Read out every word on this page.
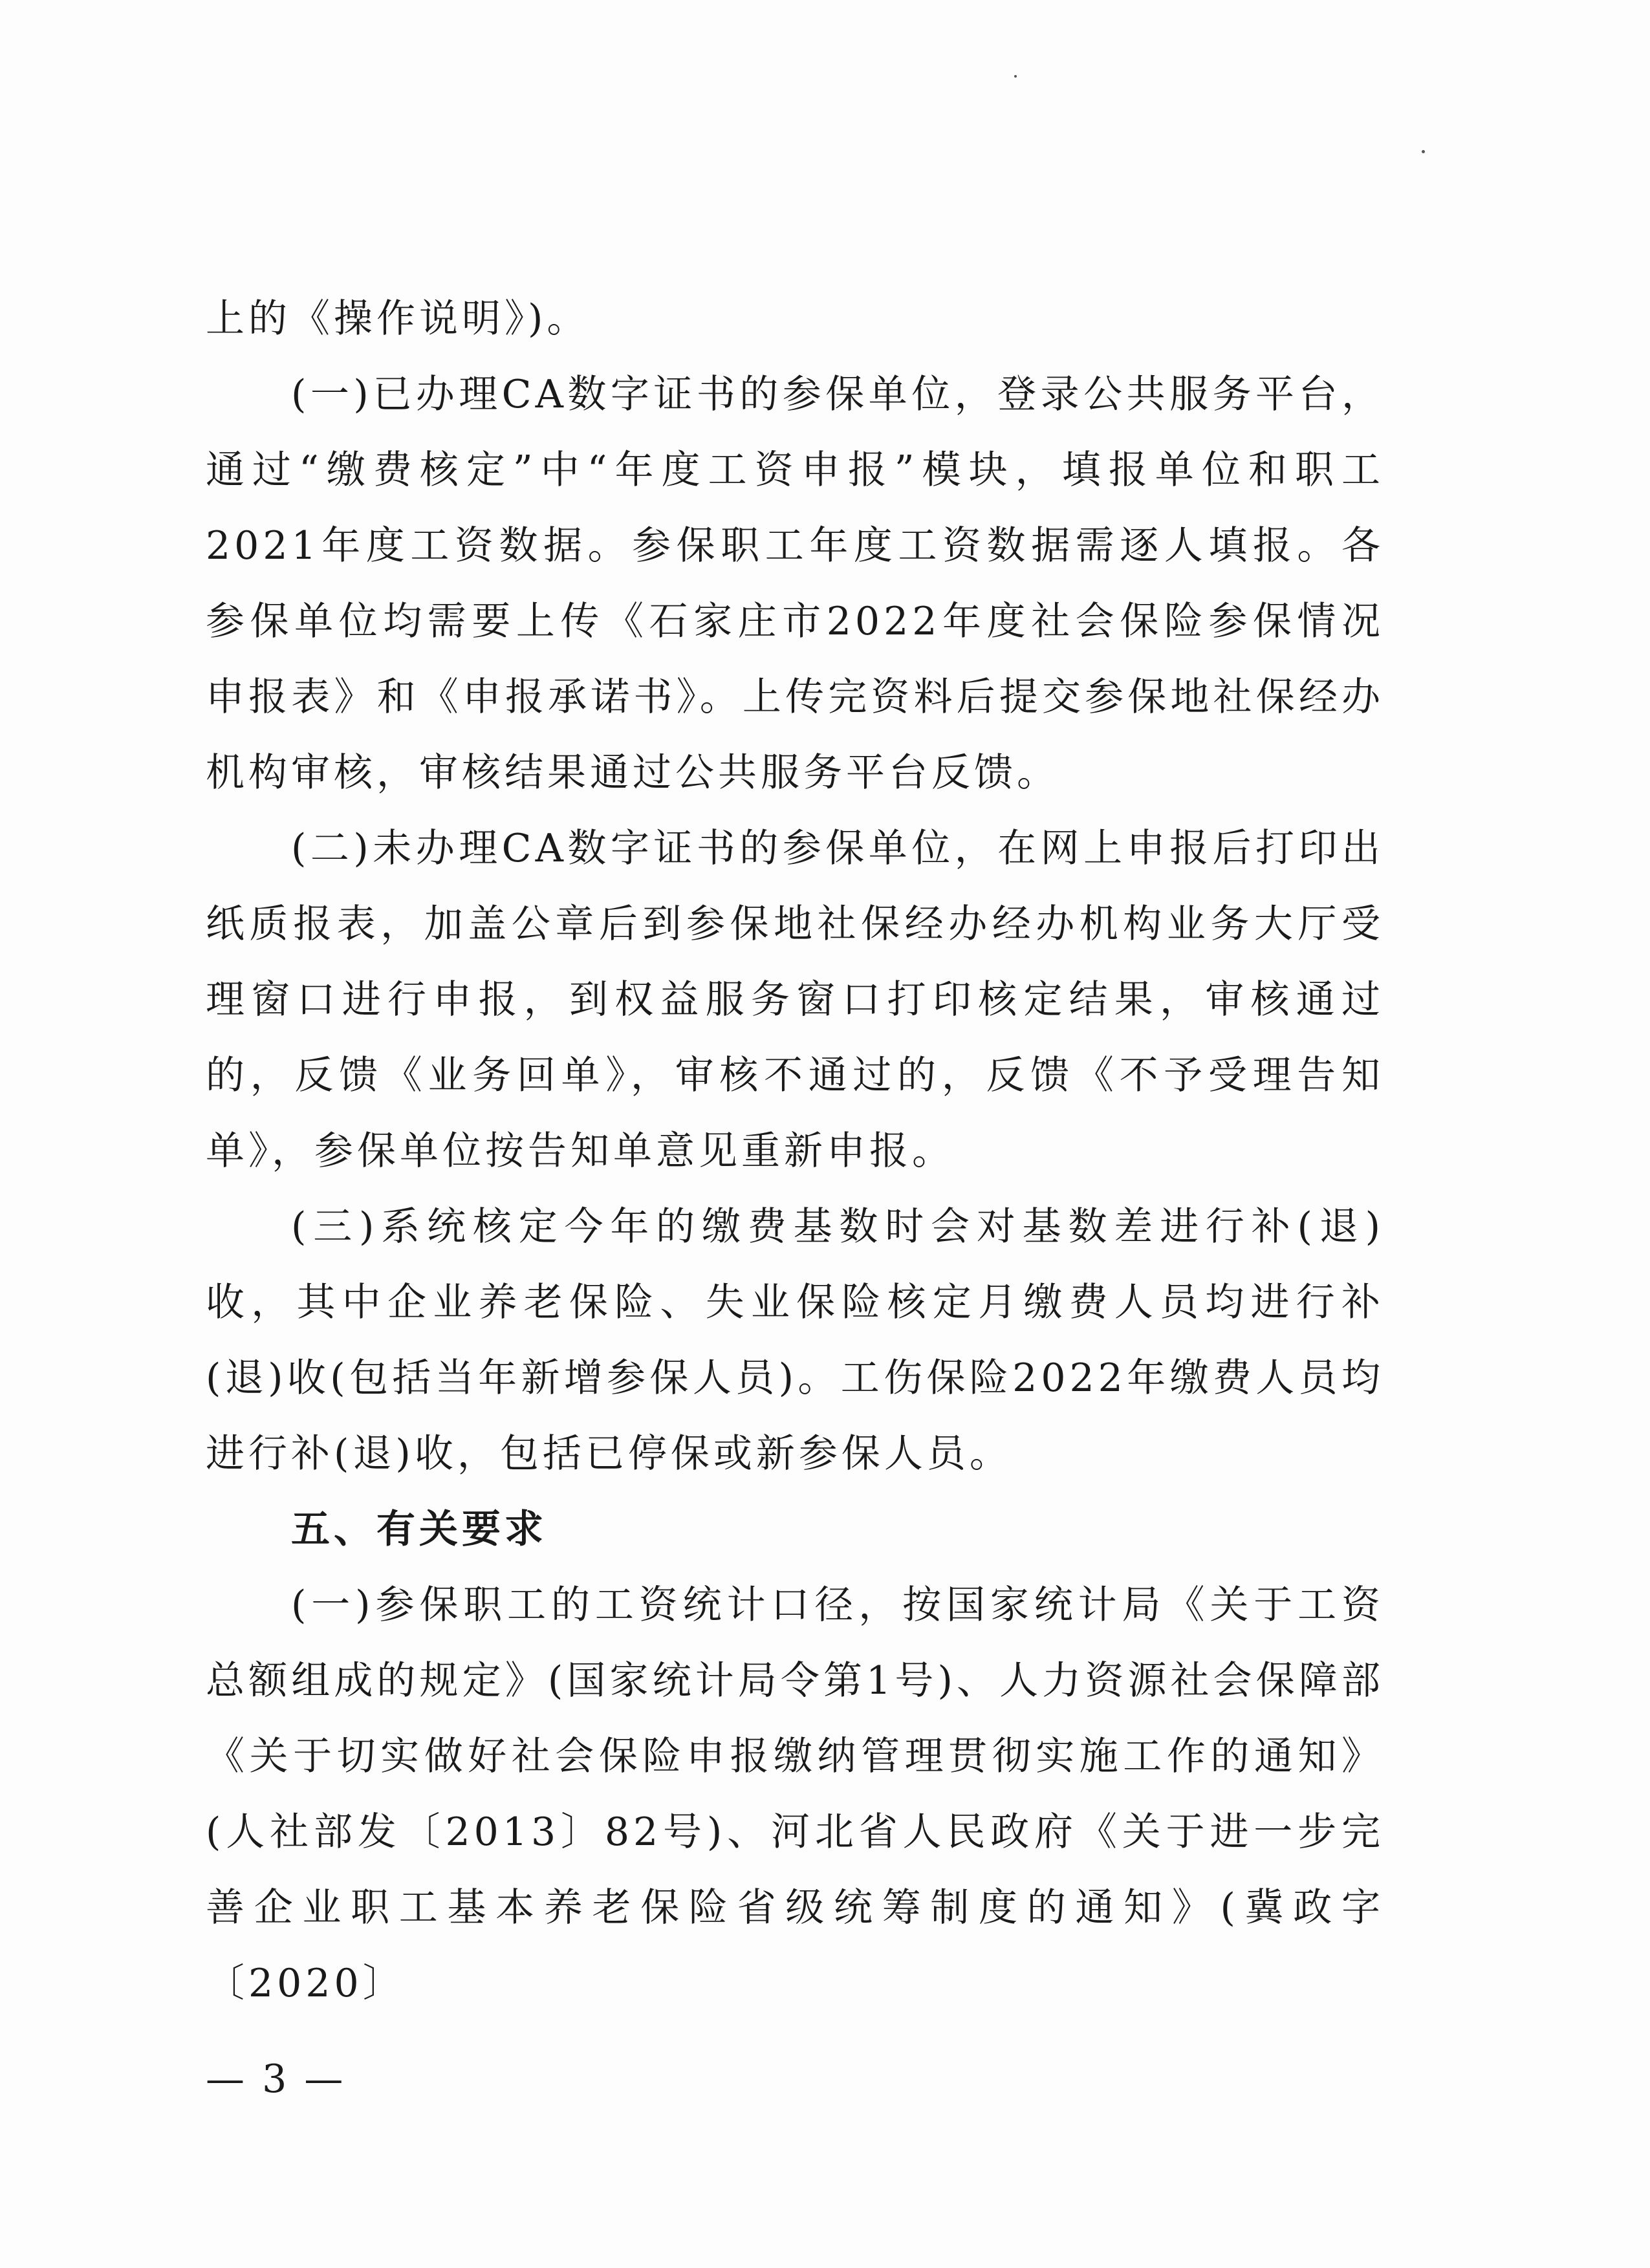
上的《操作说明》)。

(一)已办理CA数字证书的参保单位，登录公共服务平台，通过“缴费核定”中“年度工资申报”模块，填报单位和职工2021年度工资数据。参保职工年度工资数据需逐人填报。各参保单位均需要上传《石家庄市2022年度社会保险参保情况申报表》和《申报承诺书》。上传完资料后提交参保地社保经办机构审核，审核结果通过公共服务平台反馈。

(二)未办理CA数字证书的参保单位，在网上申报后打印出纸质报表，加盖公章后到参保地社保经办经办机构业务大厅受理窗口进行申报，到权益服务窗口打印核定结果，审核通过的，反馈《业务回单》，审核不通过的，反馈《不予受理告知单》，参保单位按告知单意见重新申报。

(三)系统核定今年的缴费基数时会对基数差进行补(退)收，其中企业养老保险、失业保险核定月缴费人员均进行补(退)收(包括当年新增参保人员)。工伤保险2022年缴费人员均进行补(退)收，包括已停保或新参保人员。

五、有关要求

(一)参保职工的工资统计口径，按国家统计局《关于工资总额组成的规定》(国家统计局令第1号)、人力资源社会保障部《关于切实做好社会保险申报缴纳管理贯彻实施工作的通知》(人社部发〔2013〕82号)、河北省人民政府《关于进一步完善企业职工基本养老保险省级统筹制度的通知》(冀政字〔2020〕

— 3 —
